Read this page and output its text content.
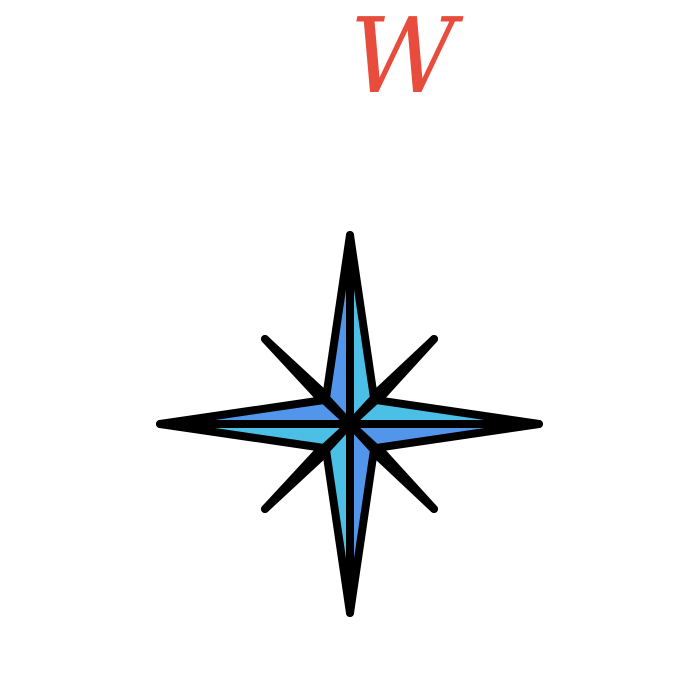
W
